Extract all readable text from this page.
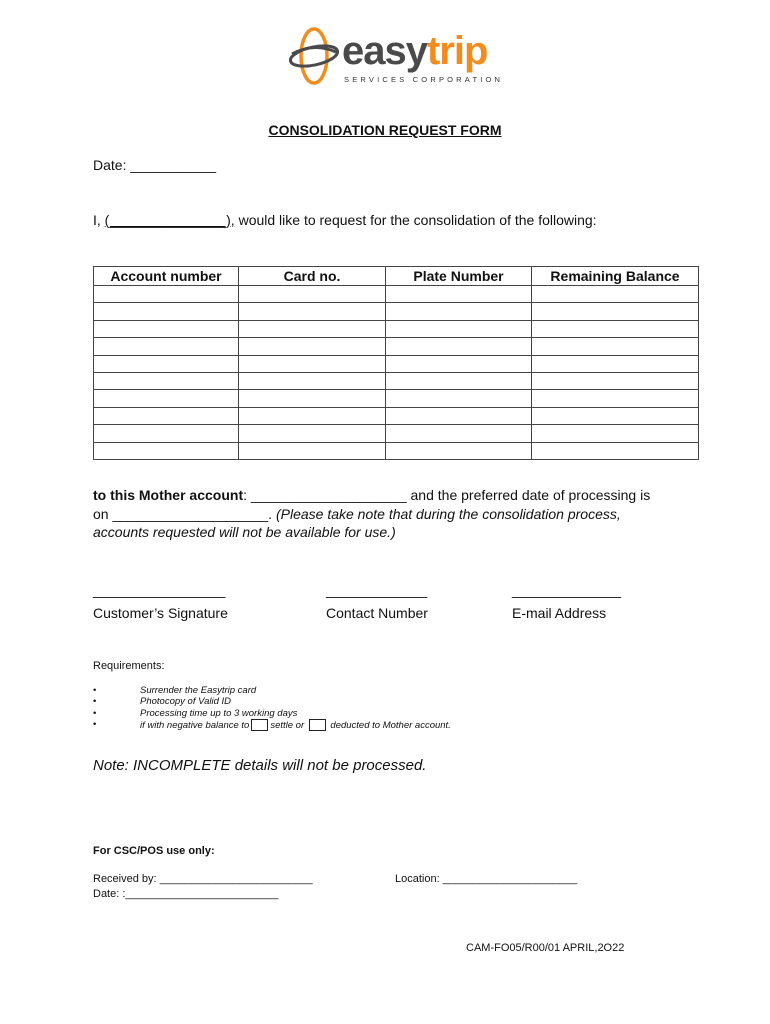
easytrip
SERVICES CORPORATION
CONSOLIDATION REQUEST FORM
Date: ___________
I, (_______________), would like to request for the consolidation of the following:
Account number	Card no.	Plate Number	Remaining Balance

to this Mother account: ____________________ and the preferred date of processing is on ____________________. (Please take note that during the consolidation process, accounts requested will not be available for use.)
_________________
Customer’s Signature
_____________
Contact Number
______________
E-mail Address
Requirements:
•	Surrender the Easytrip card
•	Photocopy of Valid ID
•	Processing time up to 3 working days
•	if with negative balance to settle or	deducted to Mother account.
Note: INCOMPLETE details will not be processed.
For CSC/POS use only:
Received by: _________________________
Date: :_________________________
Location: ______________________
CAM-FO05/R00/01 APRIL,2O22
